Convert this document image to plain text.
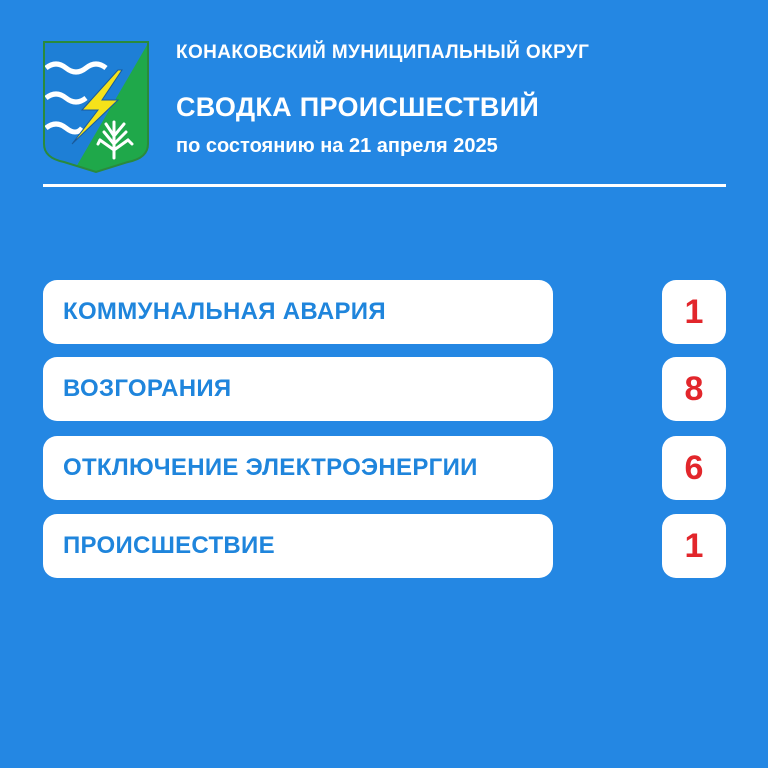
КОНАКОВСКИЙ МУНИЦИПАЛЬНЫЙ ОКРУГ
СВОДКА ПРОИСШЕСТВИЙ
по состоянию на 21 апреля 2025
КОММУНАЛЬНАЯ АВАРИЯ	1
ВОЗГОРАНИЯ	8
ОТКЛЮЧЕНИЕ ЭЛЕКТРОЭНЕРГИИ	6
ПРОИСШЕСТВИЕ	1
